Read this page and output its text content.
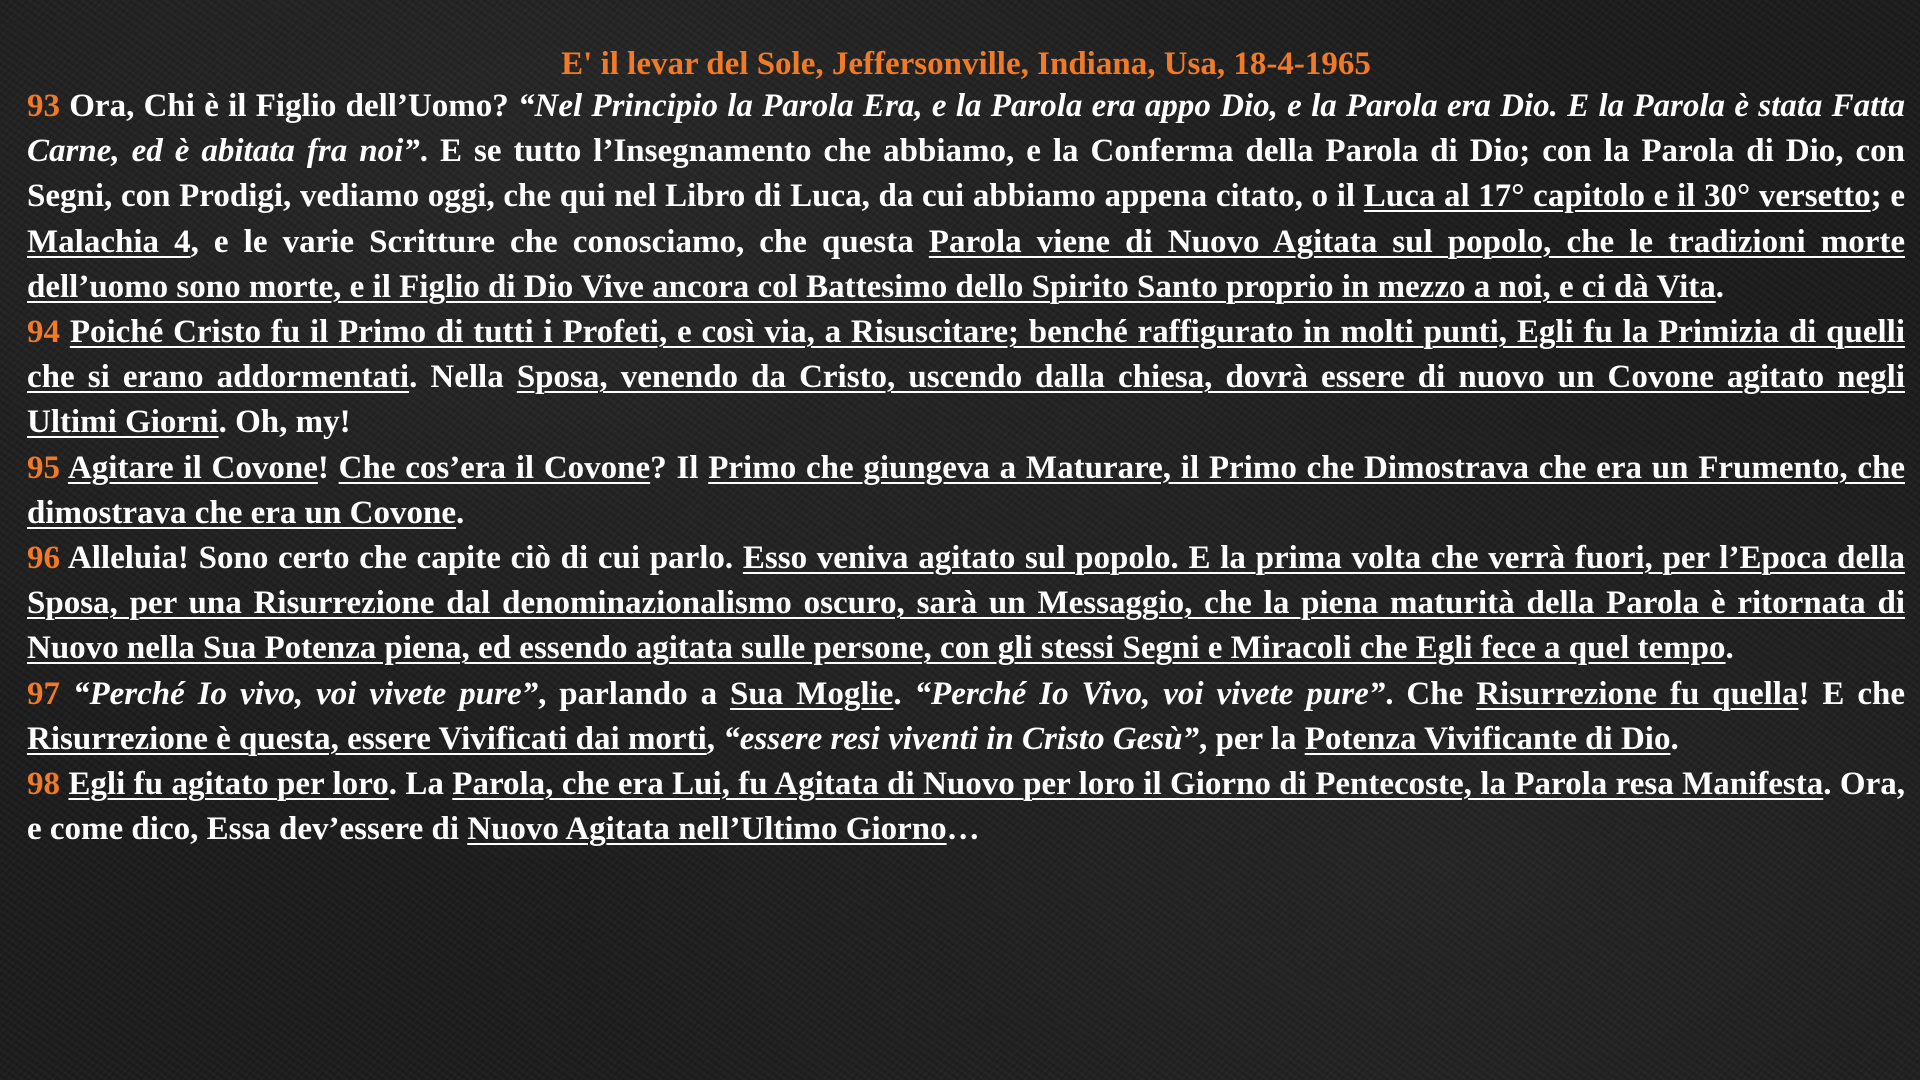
E' il levar del Sole, Jeffersonville, Indiana, Usa, 18-4-1965

93 Ora, Chi è il Figlio dell’Uomo? “Nel Principio la Parola Era, e la Parola era appo Dio, e la Parola era Dio. E la Parola è stata Fatta Carne, ed è abitata fra noi”. E se tutto l’Insegnamento che abbiamo, e la Conferma della Parola di Dio; con la Parola di Dio, con Segni, con Prodigi, vediamo oggi, che qui nel Libro di Luca, da cui abbiamo appena citato, o il Luca al 17° capitolo e il 30° versetto; e Malachia 4, e le varie Scritture che conosciamo, che questa Parola viene di Nuovo Agitata sul popolo, che le tradizioni morte dell’uomo sono morte, e il Figlio di Dio Vive ancora col Battesimo dello Spirito Santo proprio in mezzo a noi, e ci dà Vita.

94 Poiché Cristo fu il Primo di tutti i Profeti, e così via, a Risuscitare; benché raffigurato in molti punti, Egli fu la Primizia di quelli che si erano addormentati. Nella Sposa, venendo da Cristo, uscendo dalla chiesa, dovrà essere di nuovo un Covone agitato negli Ultimi Giorni. Oh, my!

95 Agitare il Covone! Che cos’era il Covone? Il Primo che giungeva a Maturare, il Primo che Dimostrava che era un Frumento, che dimostrava che era un Covone.

96 Alleluia! Sono certo che capite ciò di cui parlo. Esso veniva agitato sul popolo. E la prima volta che verrà fuori, per l’Epoca della Sposa, per una Risurrezione dal denominazionalismo oscuro, sarà un Messaggio, che la piena maturità della Parola è ritornata di Nuovo nella Sua Potenza piena, ed essendo agitata sulle persone, con gli stessi Segni e Miracoli che Egli fece a quel tempo.

97 “Perché Io vivo, voi vivete pure”, parlando a Sua Moglie. “Perché Io Vivo, voi vivete pure”. Che Risurrezione fu quella! E che Risurrezione è questa, essere Vivificati dai morti, “essere resi viventi in Cristo Gesù”, per la Potenza Vivificante di Dio.

98 Egli fu agitato per loro. La Parola, che era Lui, fu Agitata di Nuovo per loro il Giorno di Pentecoste, la Parola resa Manifesta. Ora, e come dico, Essa dev’essere di Nuovo Agitata nell’Ultimo Giorno…
